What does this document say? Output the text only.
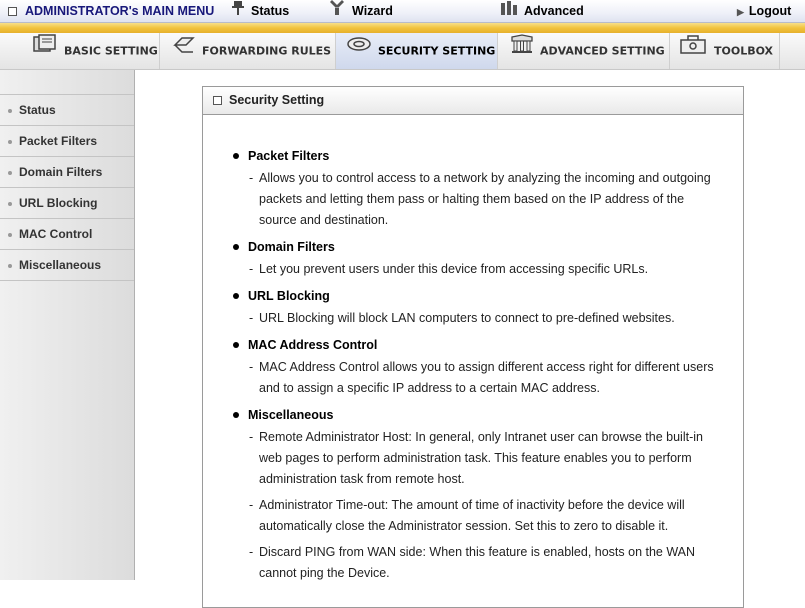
ADMINISTRATOR's MAIN MENU	Status	Wizard	Advanced	▶ Logout
BASIC SETTING	FORWARDING RULES	SECURITY SETTING	ADVANCED SETTING	TOOLBOX
Status
Packet Filters
Domain Filters
URL Blocking
MAC Control
Miscellaneous
Security Setting
Packet Filters
- Allows you to control access to a network by analyzing the incoming and outgoing packets and letting them pass or halting them based on the IP address of the source and destination.
Domain Filters
- Let you prevent users under this device from accessing specific URLs.
URL Blocking
- URL Blocking will block LAN computers to connect to pre-defined websites.
MAC Address Control
- MAC Address Control allows you to assign different access right for different users and to assign a specific IP address to a certain MAC address.
Miscellaneous
- Remote Administrator Host: In general, only Intranet user can browse the built-in web pages to perform administration task. This feature enables you to perform administration task from remote host.
- Administrator Time-out: The amount of time of inactivity before the device will automatically close the Administrator session. Set this to zero to disable it.
- Discard PING from WAN side: When this feature is enabled, hosts on the WAN cannot ping the Device.
